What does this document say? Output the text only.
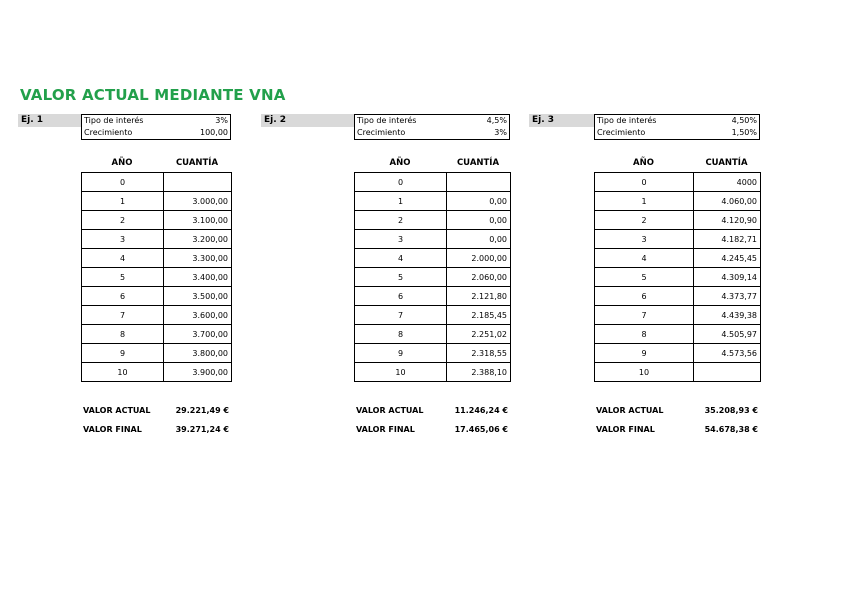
VALOR ACTUAL MEDIANTE VNA
Ej. 1	Tipo de interés	3%
Crecimiento	100,00
AÑO	CUANTÍA
0	
1	3.000,00
2	3.100,00
3	3.200,00
4	3.300,00
5	3.400,00
6	3.500,00
7	3.600,00
8	3.700,00
9	3.800,00
10	3.900,00
VALOR ACTUAL	29.221,49 €
VALOR FINAL	39.271,24 €
Ej. 2	Tipo de interés	4,5%
Crecimiento	3%
AÑO	CUANTÍA
0	
1	0,00
2	0,00
3	0,00
4	2.000,00
5	2.060,00
6	2.121,80
7	2.185,45
8	2.251,02
9	2.318,55
10	2.388,10
VALOR ACTUAL	11.246,24 €
VALOR FINAL	17.465,06 €
Ej. 3	Tipo de interés	4,50%
Crecimiento	1,50%
AÑO	CUANTÍA
0	4000
1	4.060,00
2	4.120,90
3	4.182,71
4	4.245,45
5	4.309,14
6	4.373,77
7	4.439,38
8	4.505,97
9	4.573,56
10	
VALOR ACTUAL	35.208,93 €
VALOR FINAL	54.678,38 €
